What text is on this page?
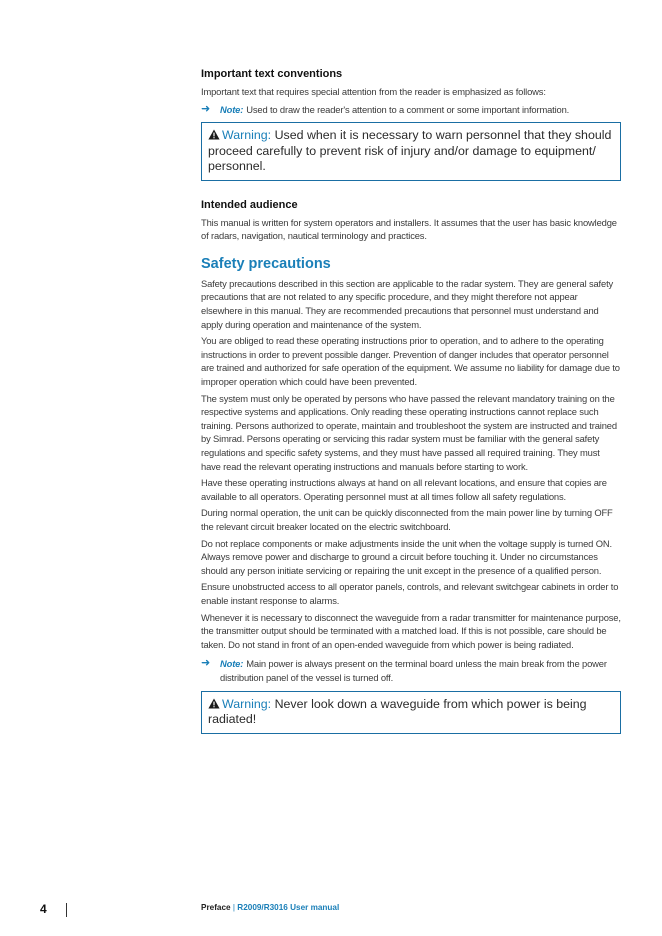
Important text conventions
Important text that requires special attention from the reader is emphasized as follows:
➜	Note: Used to draw the reader's attention to a comment or some important information.
Warning: Used when it is necessary to warn personnel that they should proceed carefully to prevent risk of injury and/or damage to equipment/ personnel.
Intended audience
This manual is written for system operators and installers. It assumes that the user has basic knowledge of radars, navigation, nautical terminology and practices.
Safety precautions
Safety precautions described in this section are applicable to the radar system. They are general safety precautions that are not related to any specific procedure, and they might therefore not appear elsewhere in this manual. They are recommended precautions that personnel must understand and apply during operation and maintenance of the system.
You are obliged to read these operating instructions prior to operation, and to adhere to the operating instructions in order to prevent possible danger. Prevention of danger includes that operator personnel are trained and authorized for safe operation of the equipment. We assume no liability for damage due to improper operation which could have been prevented.
The system must only be operated by persons who have passed the relevant mandatory training on the respective systems and applications. Only reading these operating instructions cannot replace such training. Persons authorized to operate, maintain and troubleshoot the system are instructed and trained by Simrad. Persons operating or servicing this radar system must be familiar with the general safety regulations and specific safety systems, and they must have passed all required training. They must have read the relevant operating instructions and manuals before starting to work.
Have these operating instructions always at hand on all relevant locations, and ensure that copies are available to all operators. Operating personnel must at all times follow all safety regulations.
During normal operation, the unit can be quickly disconnected from the main power line by turning OFF the relevant circuit breaker located on the electric switchboard.
Do not replace components or make adjustments inside the unit when the voltage supply is turned ON. Always remove power and discharge to ground a circuit before touching it. Under no circumstances should any person initiate servicing or repairing the unit except in the presence of a qualified person.
Ensure unobstructed access to all operator panels, controls, and relevant switchgear cabinets in order to enable instant response to alarms.
Whenever it is necessary to disconnect the waveguide from a radar transmitter for maintenance purpose, the transmitter output should be terminated with a matched load. If this is not possible, care should be taken. Do not stand in front of an open-ended waveguide from which power is being radiated.
➜	Note: Main power is always present on the terminal board unless the main break from the power distribution panel of the vessel is turned off.
Warning: Never look down a waveguide from which power is being radiated!
4	Preface | R2009/R3016 User manual
